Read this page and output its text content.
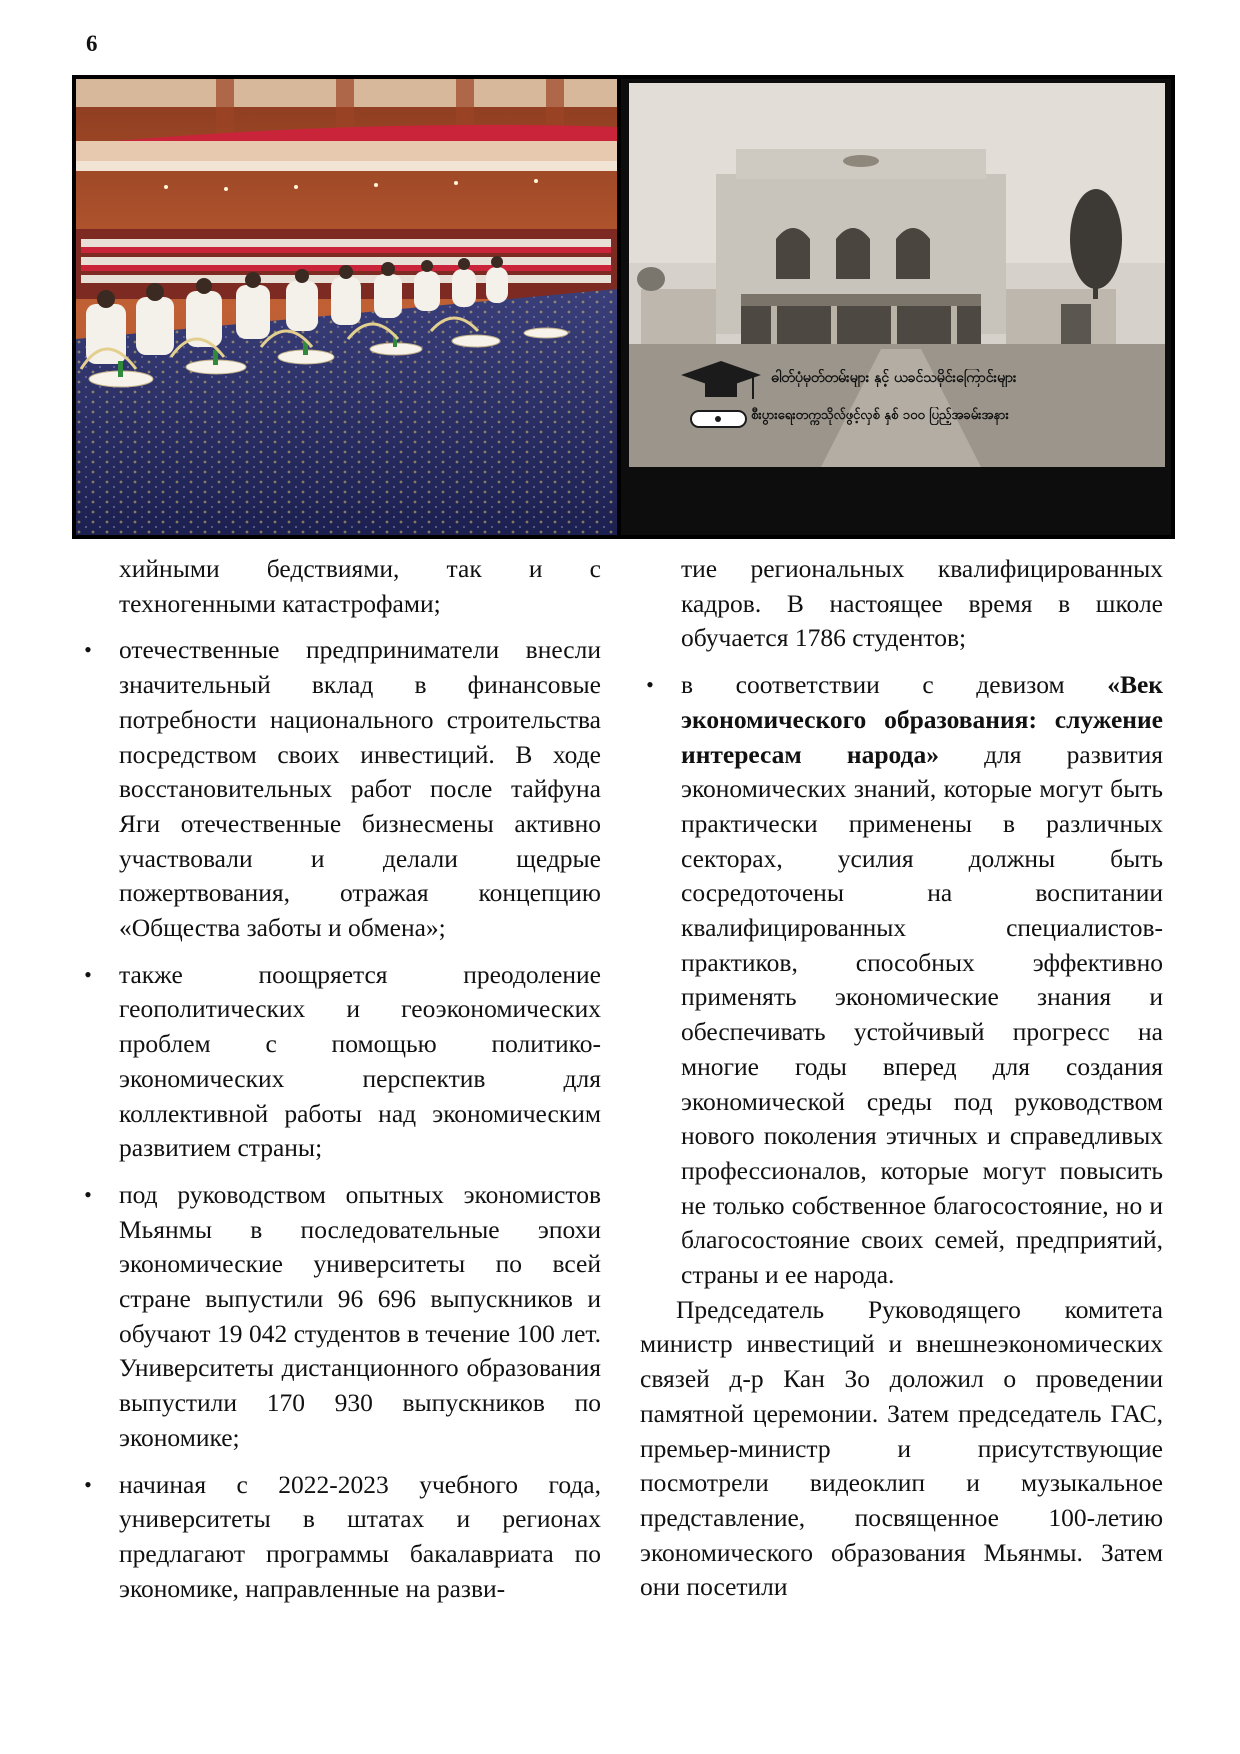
6
ဓါတ်ပုံမှတ်တမ်းများ နှင့် ယခင်သမိုင်းကြောင်းများ
စီးပွားရေးတက္ကသိုလ်ဖွင့်လှစ် နှစ် ၁၀၀ ပြည့်အခမ်းအနား

хийными бедствиями, так и с техногенными катастрофами;

• отечественные предприниматели внесли значительный вклад в финансовые потребности национального строительства посредством своих инвестиций. В ходе восстановительных работ после тайфуна Яги отечественные бизнесмены активно участвовали и делали щедрые пожертвования, отражая концепцию «Общества заботы и обмена»;

• также поощряется преодоление геополитических и геоэкономических проблем с помощью политико-экономических перспектив для коллективной работы над экономическим развитием страны;

• под руководством опытных экономистов Мьянмы в последовательные эпохи экономические университеты по всей стране выпустили 96 696 выпускников и обучают 19 042 студентов в течение 100 лет. Университеты дистанционного образования выпустили 170 930 выпускников по экономике;

• начиная с 2022-2023 учебного года, университеты в штатах и регионах предлагают программы бакалавриата по экономике, направленные на разви-

тие региональных квалифицированных кадров. В настоящее время в школе обучается 1786 студентов;

• в соответствии с девизом «Век экономического образования: служение интересам народа» для развития экономических знаний, которые могут быть практически применены в различных секторах, усилия должны быть сосредоточены на воспитании квалифицированных специалистов-практиков, способных эффективно применять экономические знания и обеспечивать устойчивый прогресс на многие годы вперед для создания экономической среды под руководством нового поколения этичных и справедливых профессионалов, которые могут повысить не только собственное благосостояние, но и благосостояние своих семей, предприятий, страны и ее народа.

Председатель Руководящего комитета министр инвестиций и внешнеэкономических связей д-р Кан Зо доложил о проведении памятной церемонии. Затем председатель ГАС, премьер-министр и присутствующие посмотрели видеоклип и музыкальное представление, посвященное 100-летию экономического образования Мьянмы. Затем они посетили
